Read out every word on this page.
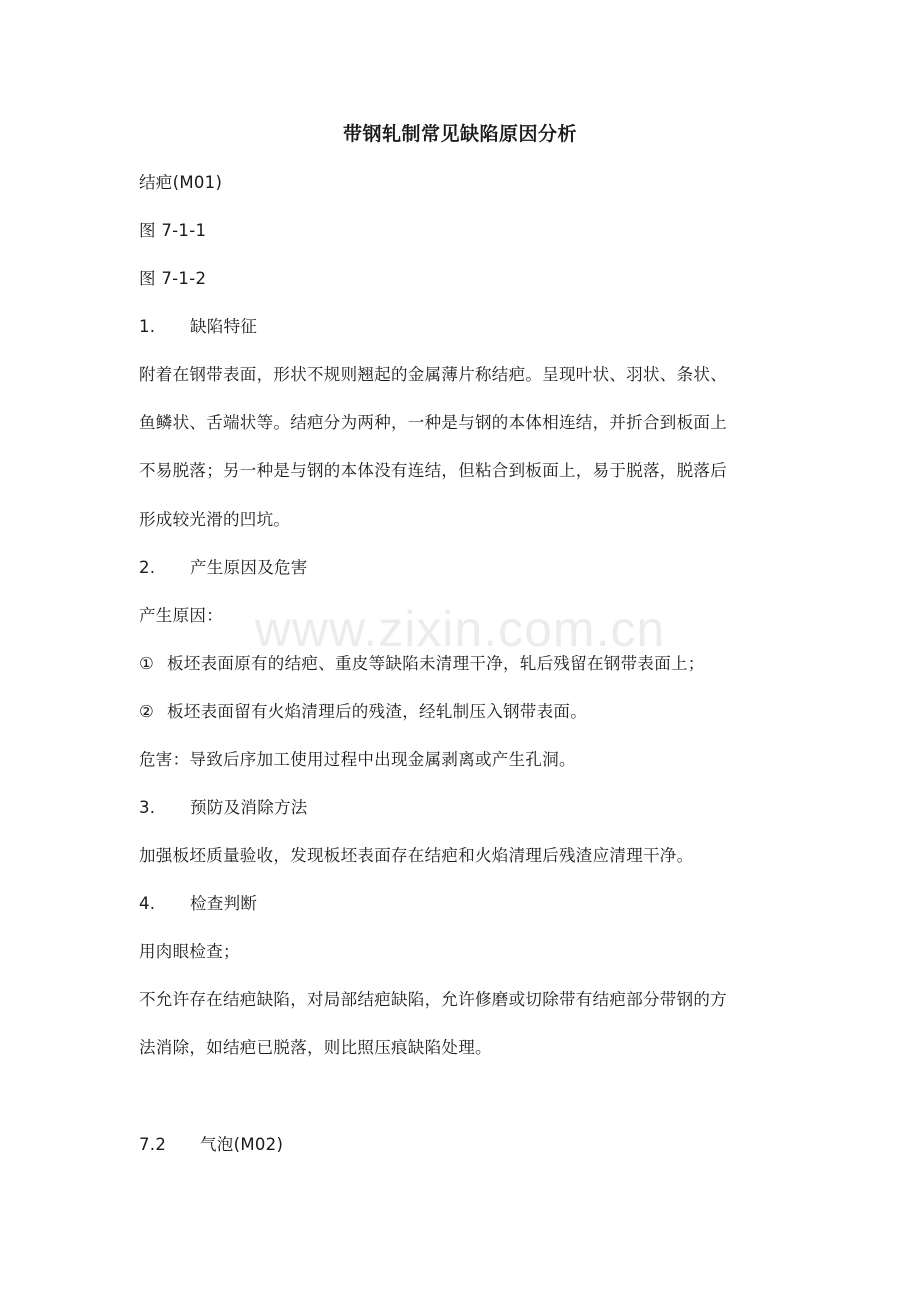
带钢轧制常见缺陷原因分析
结疤(M01)
图 7-1-1
图 7-1-2
1. 缺陷特征
附着在钢带表面，形状不规则翘起的金属薄片称结疤。呈现叶状、羽状、条状、
鱼鳞状、舌端状等。结疤分为两种，一种是与钢的本体相连结，并折合到板面上
不易脱落；另一种是与钢的本体没有连结，但粘合到板面上，易于脱落，脱落后
形成较光滑的凹坑。
2. 产生原因及危害
产生原因：
① 板坯表面原有的结疤、重皮等缺陷未清理干净，轧后残留在钢带表面上；
② 板坯表面留有火焰清理后的残渣，经轧制压入钢带表面。
危害：导致后序加工使用过程中出现金属剥离或产生孔洞。
3. 预防及消除方法
加强板坯质量验收，发现板坯表面存在结疤和火焰清理后残渣应清理干净。
4. 检查判断
用肉眼检查；
不允许存在结疤缺陷，对局部结疤缺陷，允许修磨或切除带有结疤部分带钢的方
法消除，如结疤已脱落，则比照压痕缺陷处理。
7.2 气泡(M02)
www.zixin.com.cn
